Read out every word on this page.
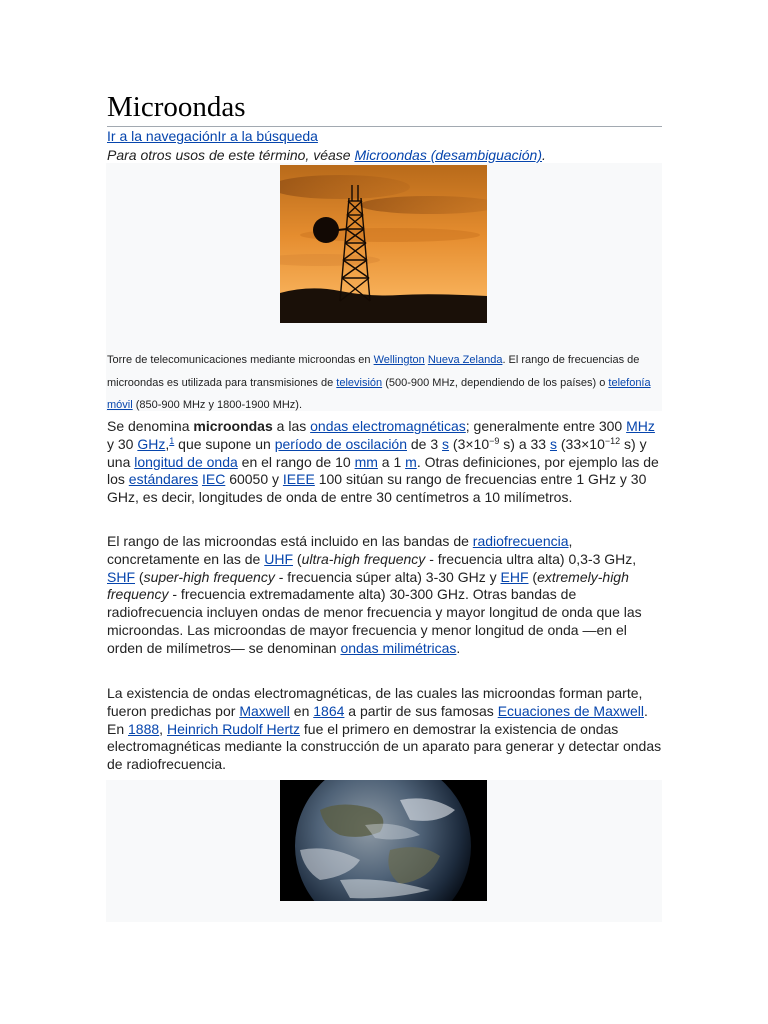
Microondas
Ir a la navegaciónIr a la búsqueda
Para otros usos de este término, véase Microondas (desambiguación).
Torre de telecomunicaciones mediante microondas en Wellington Nueva Zelanda. El rango de frecuencias de microondas es utilizada para transmisiones de televisión (500-900 MHz, dependiendo de los países) o telefonía móvil (850-900 MHz y 1800-1900 MHz).

Se denomina microondas a las ondas electromagnéticas; generalmente entre 300 MHz y 30 GHz,$^1$ que supone un período de oscilación de 3 s ($3\times 10^{-9}$ s) a 33 s ($33\times 10^{-12}$ s) y una longitud de onda en el rango de 10 mm a 1 m. Otras definiciones, por ejemplo las de los estándares IEC 60050 y IEEE 100 sitúan su rango de frecuencias entre 1 GHz y 30 GHz, es decir, longitudes de onda de entre 30 centímetros a 10 milímetros.

El rango de las microondas está incluido en las bandas de radiofrecuencia, concretamente en las de UHF (ultra-high frequency - frecuencia ultra alta) 0,3-3 GHz, SHF (super-high frequency - frecuencia súper alta) 3-30 GHz y EHF (extremely-high frequency - frecuencia extremadamente alta) 30-300 GHz. Otras bandas de radiofrecuencia incluyen ondas de menor frecuencia y mayor longitud de onda que las microondas. Las microondas de mayor frecuencia y menor longitud de onda —en el orden de milímetros— se denominan ondas milimétricas.

La existencia de ondas electromagnéticas, de las cuales las microondas forman parte, fueron predichas por Maxwell en 1864 a partir de sus famosas Ecuaciones de Maxwell. En 1888, Heinrich Rudolf Hertz fue el primero en demostrar la existencia de ondas electromagnéticas mediante la construcción de un aparato para generar y detectar ondas de radiofrecuencia.
